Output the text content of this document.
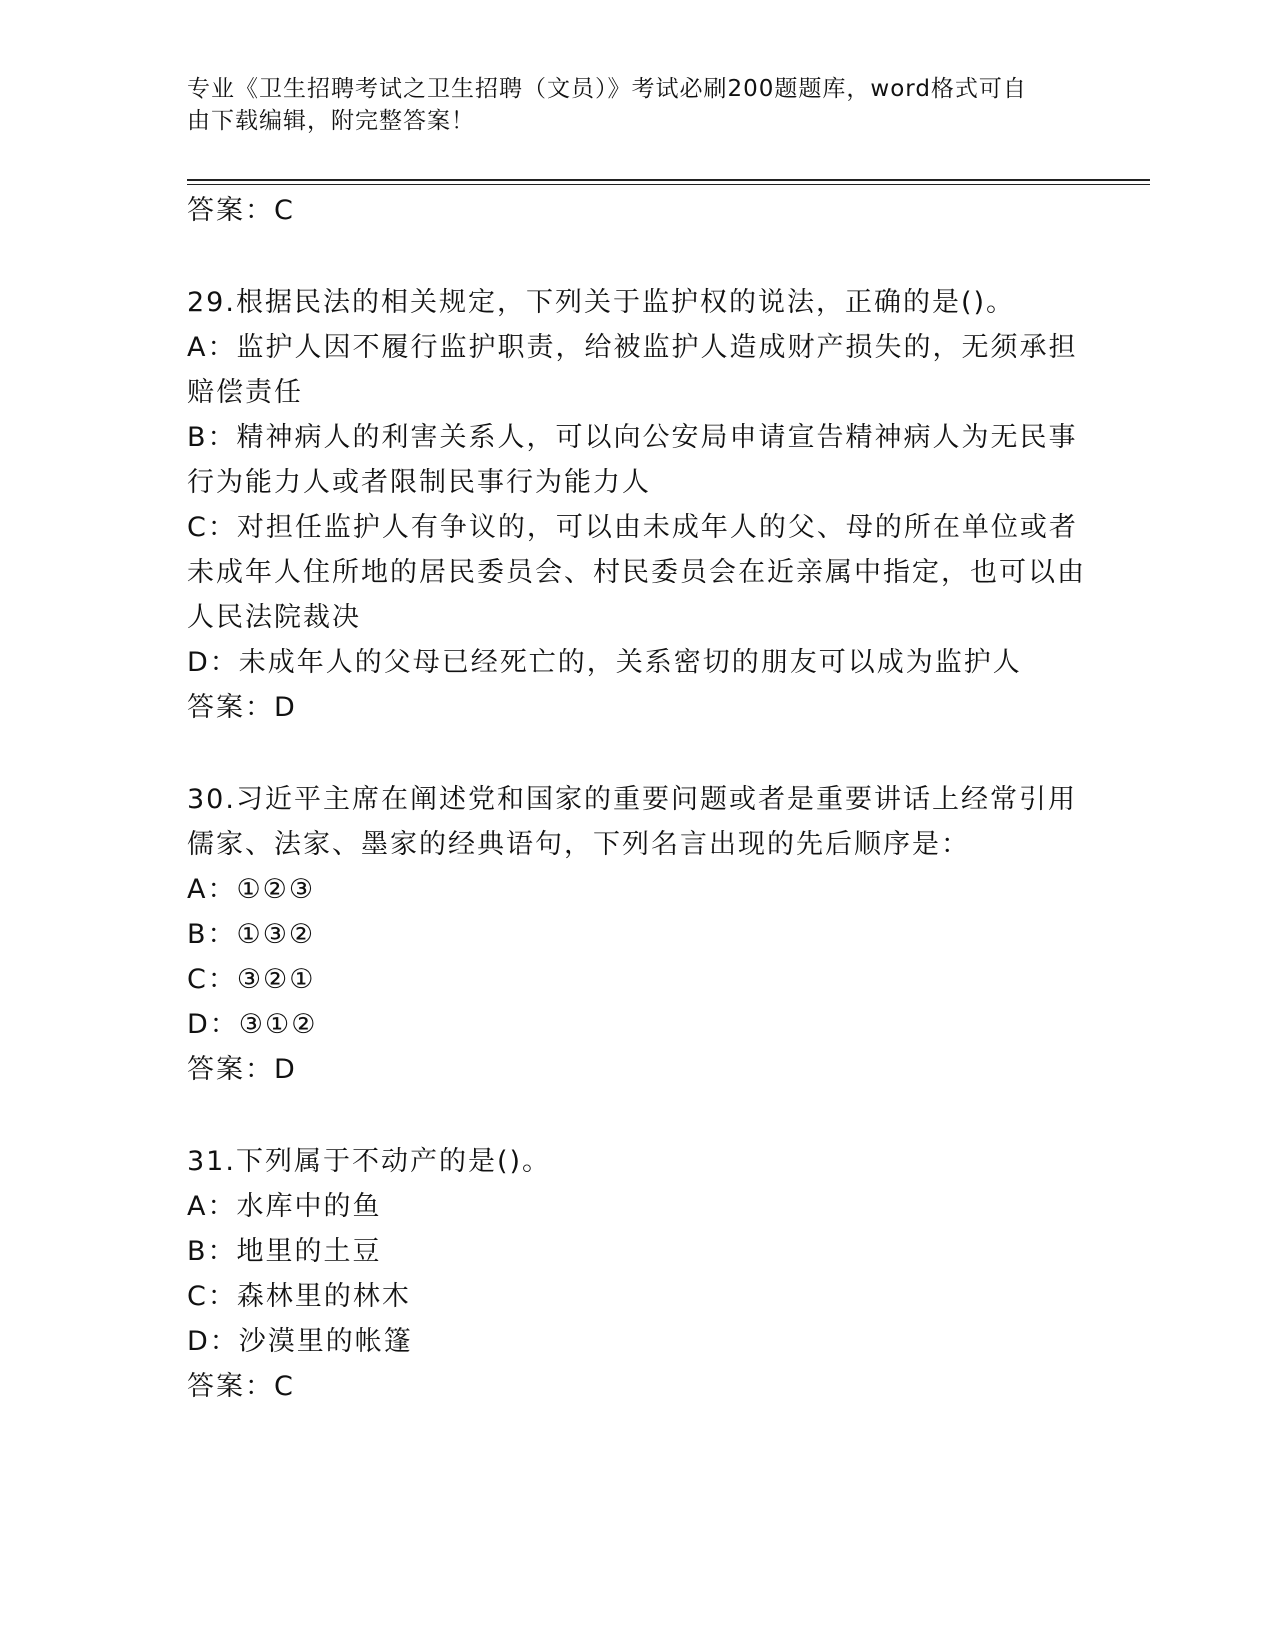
专业《卫生招聘考试之卫生招聘（文员）》考试必刷200题题库，word格式可自

由下载编辑，附完整答案！

答案：C

29.根据民法的相关规定，下列关于监护权的说法，正确的是()。

A：监护人因不履行监护职责，给被监护人造成财产损失的，无须承担赔偿责任

B：精神病人的利害关系人，可以向公安局申请宣告精神病人为无民事行为能力人或者限制民事行为能力人

C：对担任监护人有争议的，可以由未成年人的父、母的所在单位或者未成年人住所地的居民委员会、村民委员会在近亲属中指定，也可以由人民法院裁决

D：未成年人的父母已经死亡的，关系密切的朋友可以成为监护人

答案：D

30.习近平主席在阐述党和国家的重要问题或者是重要讲话上经常引用儒家、法家、墨家的经典语句，下列名言出现的先后顺序是：

A：①②③

B：①③②

C：③②①

D：③①②

答案：D

31.下列属于不动产的是()。

A：水库中的鱼

B：地里的土豆

C：森林里的林木

D：沙漠里的帐篷

答案：C
